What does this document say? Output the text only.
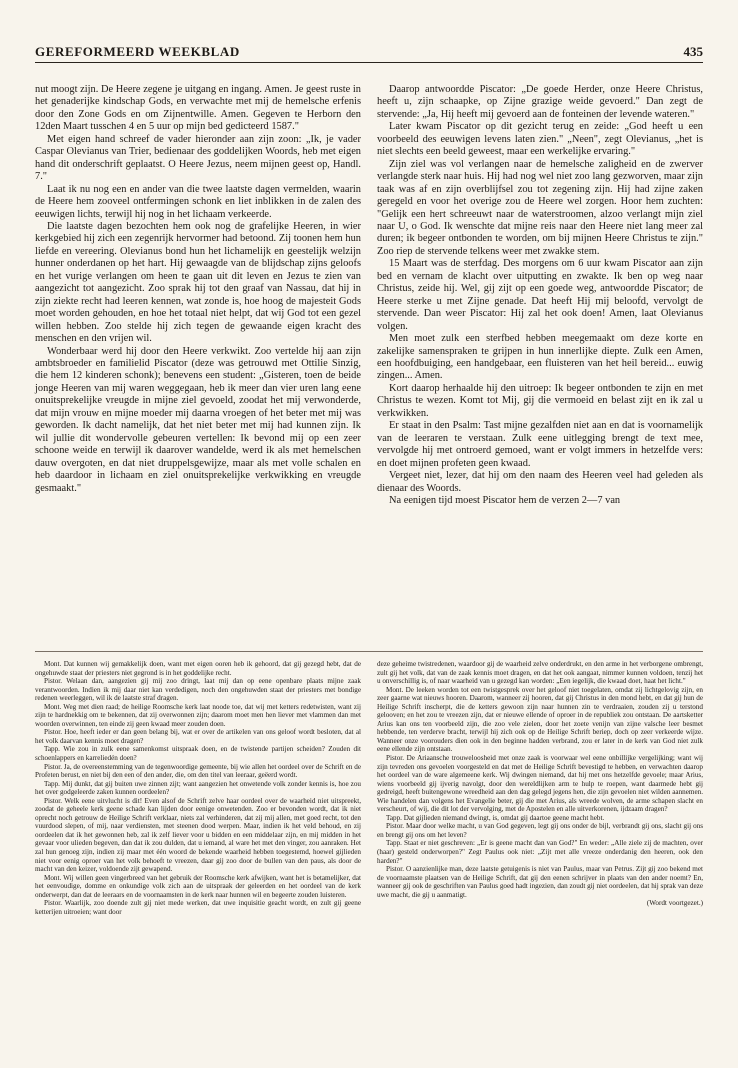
GEREFORMEERD WEEKBLAD	435

nut moogt zijn. De Heere zegene je uitgang en ingang. Amen. Je geest ruste in het genaderijke kindschap Gods, en verwachte met mij de hemelsche erfenis door den Zone Gods en om Zijnentwille. Amen. Gegeven te Herborn den 12den Maart tusschen 4 en 5 uur op mijn bed gedicteerd 1587."

Met eigen hand schreef de vader hieronder aan zijn zoon: „Ik, je vader Caspar Olevianus van Trier, bedienaar des goddelijken Woords, heb met eigen hand dit onderschrift geplaatst. O Heere Jezus, neem mijnen geest op, Handl. 7."

Laat ik nu nog een en ander van die twee laatste dagen vermelden, waarin de Heere hem zooveel ontfermingen schonk en liet inblikken in de zalen des eeuwigen lichts, terwijl hij nog in het lichaam verkeerde.

Die laatste dagen bezochten hem ook nog de grafelijke Heeren, in wier kerkgebied hij zich een zegenrijk hervormer had betoond. Zij toonen hem hun liefde en vereering. Olevianus bond hun het lichamelijk en geestelijk welzijn hunner onderdanen op het hart. Hij gewaagde van de blijdschap zijns geloofs en het vurige verlangen om heen te gaan uit dit leven en Jezus te zien van aangezicht tot aangezicht. Zoo sprak hij tot den graaf van Nassau, dat hij in zijn ziekte recht had leeren kennen, wat zonde is, hoe hoog de majesteit Gods moet worden gehouden, en hoe het totaal niet helpt, dat wij God tot een gezel willen hebben. Zoo stelde hij zich tegen de gewaande eigen kracht des menschen en den vrijen wil.

Wonderbaar werd hij door den Heere verkwikt. Zoo vertelde hij aan zijn ambtsbroeder en familielid Piscator (deze was getrouwd met Ottilie Sinzig, die hem 12 kinderen schonk); benevens een student: „Gisteren, toen de beide jonge Heeren van mij waren weggegaan, heb ik meer dan vier uren lang eene onuitsprekelijke vreugde in mijne ziel gevoeld, zoodat het mij verwonderde, dat mijn vrouw en mijne moeder mij daarna vroegen of het beter met mij was geworden. Ik dacht namelijk, dat het niet beter met mij had kunnen zijn. Ik wil jullie dit wondervolle gebeuren vertellen: Ik bevond mij op een zeer schoone weide en terwijl ik daarover wandelde, werd ik als met hemelschen dauw overgoten, en dat niet druppelsgewijze, maar als met volle schalen en heb daardoor in lichaam en ziel onuitsprekelijke verkwikking en vreugde gesmaakt."

Daarop antwoordde Piscator: „De goede Herder, onze Heere Christus, heeft u, zijn schaapke, op Zijne grazige weide gevoerd." Dan zegt de stervende: „Ja, Hij heeft mij gevoerd aan de fonteinen der levende wateren."

Later kwam Piscator op dit gezicht terug en zeide: „God heeft u een voorbeeld des eeuwigen levens laten zien." „Neen", zegt Olevianus, „het is niet slechts een beeld geweest, maar een werkelijke ervaring."

Zijn ziel was vol verlangen naar de hemelsche zaligheid en de zwerver verlangde sterk naar huis. Hij had nog wel niet zoo lang gezworven, maar zijn taak was af en zijn overblijfsel zou tot zegening zijn. Hij had zijne zaken geregeld en voor het overige zou de Heere wel zorgen. Hoor hem zuchten: "Gelijk een hert schreeuwt naar de waterstroomen, alzoo verlangt mijn ziel naar U, o God. Ik wenschte dat mijne reis naar den Heere niet lang meer zal duren; ik begeer ontbonden te worden, om bij mijnen Heere Christus te zijn." Zoo riep de stervende telkens weer met zwakke stem.

15 Maart was de sterfdag. Des morgens om 6 uur kwam Piscator aan zijn bed en vernam de klacht over uitputting en zwakte. Ik ben op weg naar Christus, zeide hij. Wel, gij zijt op een goede weg, antwoordde Piscator; de Heere sterke u met Zijne genade. Dat heeft Hij mij beloofd, vervolgt de stervende. Dan weer Piscator: Hij zal het ook doen! Amen, laat Olevianus volgen.

Men moet zulk een sterfbed hebben meegemaakt om deze korte en zakelijke samenspraken te grijpen in hun innerlijke diepte. Zulk een Amen, een hoofdbuiging, een handgebaar, een fluisteren van het heil bereid... euwig zingen... Amen.

Kort daarop herhaalde hij den uitroep: Ik begeer ontbonden te zijn en met Christus te wezen. Komt tot Mij, gij die vermoeid en belast zijt en ik zal u verkwikken.

Er staat in den Psalm: Tast mijne gezalfden niet aan en dat is voornamelijk van de leeraren te verstaan. Zulk eene uitlegging brengt de text mee, vervolgde hij met ontroerd gemoed, want er volgt immers in hetzelfde vers: en doet mijnen profeten geen kwaad.

Vergeet niet, lezer, dat hij om den naam des Heeren veel had geleden als dienaar des Woords.

Na eenigen tijd moest Piscator hem de verzen 2—7 van

Mont. Dat kunnen wij gemakkelijk doen, want met eigen ooren heb ik gehoord, dat gij gezegd hebt, dat de ongehuwde staat der priesters niet gegrond is in het goddelijke recht.

Pistor. Welaan dan, aangezien gij mij zoo dringt, laat mij dan op eene openbare plaats mijne zaak verantwoorden. Indien ik mij daar niet kan verdedigen, noch den ongehuwden staat der priesters met bondige redenen weerleggen, wil ik de laatste straf dragen.

Mont. Weg met dien raad; de heilige Roomsche kerk laat noode toe, dat wij met ketters redetwisten, want zij zijn te hardnekkig om te bekennen, dat zij overwonnen zijn; daarom moet men hen liever met vlammen dan met woorden overwinnen, ten einde zij geen kwaad meer zouden doen.

Pistor. Hoe, heeft ieder er dan geen belang bij, wat er over de artikelen van ons geloof wordt besloten, dat al het volk daarvan kennis moet dragen?

Tapp. Wie zou in zulk eene samenkomst uitspraak doen, en de twistende partijen scheiden? Zouden dit schoenlappers en karreliedén doen?

Pistor. Ja, de overeenstemming van de tegenwoordige gemeente, bij wie allen het oordeel over de Schrift en de Profeten berust, en niet bij den een of den ander, die, om den titel van leeraar, geëerd wordt.

Tapp. Mij dunkt, dat gij buiten uwe zinnen zijt; want aangezien het onwetende volk zonder kennis is, hoe zou het over godgeleerde zaken kunnen oordeelen?

Pistor. Welk eene uitvlucht is dit! Even alsof de Schrift zelve haar oordeel over de waarheid niet uitspreekt, zoodat de geheele kerk geene schade kan lijden door eenige onwetenden. Zoo er bevonden wordt, dat ik niet oprecht noch getrouw de Heilige Schrift verklaar, niets zal verhinderen, dat zij mij allen, met goed recht, tot den vuurdood slepen, of mij, naar verdiensten, met steenen dood werpen. Maar, indien ik het veld behoud, en zij oordeelen dat ik het gewonnen heb, zal ik zelf liever voor u bidden en een middelaar zijn, en mij midden in het gevaar voor ulieden begeven, dan dat ik zou dulden, dat u iemand, al ware het met den vinger, zou aanraken. Het zal hun genoeg zijn, indien zij maar met één woord de bekende waarheid hebben toegestemd, hoewel gijlieden niet voor eenig oproer van het volk behoeft te vreezen, daar gij zoo door de bullen van den paus, als door de macht van den keizer, voldoende zijt gewapend.

Mont. Wij willen geen vingerbreed van het gebruik der Roomsche kerk afwijken, want het is betamelijker, dat het eenvoudige, domme en onkundige volk zich aan de uitspraak der geleerden en het oordeel van de kerk onderwerpt, dan dat de leeraars en de voornaamsten in de kerk naar hunnen wil en begeerte zouden luisteren.

Pistor. Waarlijk, zoo doende zult gij niet mede werken, dat uwe inquisitie geacht wordt, en zult gij geene ketterijen uitroeien; want door

deze geheime twistredenen, waardoor gij de waarheid zelve onderdrukt, en den arme in het verborgene ombrengt, zult gij het volk, dat van de zaak kennis moet dragen, en dat het ook aangaat, nimmer kunnen voldoen, tenzij het u onverschillig is, of naar waarheid van u gezegd kan worden: „Een iegelijk, die kwaad doet, haat het licht."

Mont. De leeken worden tot een twistgesprek over het geloof niet toegelaten, omdat zij lichtgelovig zijn, en zeer gaarne wat nieuws hooren. Daarom, wanneer zij hooren, dat gij Christus in den mond hebt, en dat gij hun de Heilige Schrift inscherpt, die de ketters gewoon zijn naar hunnen zin te verdraaien, zouden zij u terstond gelooven; en het zou te vreezen zijn, dat er nieuwe ellende of oproer in de republiek zou ontstaan. De aartsketter Arius kan ons ten voorbeeld zijn, die zoo vele zielen, door het zoete venijn van zijne valsche leer besmet hebbende, ten verderve bracht, terwijl hij zich ook op de Heilige Schrift beriep, doch op zeer verkeerde wijze. Wanneer onze voorouders dien ook in den beginne hadden verbrand, zou er later in de kerk van God niet zulk eene ellende zijn ontstaan.

Pistor. De Ariaansche trouweloosheid met onze zaak is voorwaar wel eene onbillijke vergelijking; want wij zijn tevreden ons gevoelen voorgesteld en dat met de Heilige Schrift bevestigd te hebben, en verwachten daarop het oordeel van de ware algemeene kerk. Wij dwingen niemand, dat hij met ons hetzelfde gevoele; maar Arius, wiens voorbeeld gij ijverig navolgt, door den wereldlijken arm te hulp te roepen, want daarmede hebt gij gedreigd, heeft buitengewone wreedheid aan den dag gelegd jegens hen, die zijn gevoelen niet wilden aannemen. Wie handelen dan volgens het Evangelie beter, gij die met Arius, als wreede wolven, de arme schapen slacht en verscheurt, of wij, die dit lot der vervolging, met de Apostelen en alle uitverkorenen, ijdzaam dragen?

Tapp. Dat gijlieden niemand dwingt, is, omdat gij daartoe geene macht hebt.

Pistor. Maar door welke macht, u van God gegeven, legt gij ons onder de bijl, verbrandt gij ons, slacht gij ons en brengt gij ons om het leven?

Tapp. Staat er niet geschreven: „Er is geene macht dan van God?" En weder: „Alle ziele zij de machten, over (haar) gesteld onderworpen?" Zegt Paulus ook niet: „Zijt met alle vreeze onderdanig den heeren, ook den harden?"

Pistor. O aanzienlijke man, deze laatste getuigenis is niet van Paulus, maar van Petrus. Zijt gij zoo bekend met de voornaamste plaatsen van de Heilige Schrift, dat gij den eenen schrijver in plaats van den ander noemt? En, wanneer gij ook de geschriften van Paulus goed hadt ingezien, dan zoudt gij niet oordeelen, dat hij sprak van deze uwe macht, die gij u aanmatigt.

(Wordt voortgezet.)
